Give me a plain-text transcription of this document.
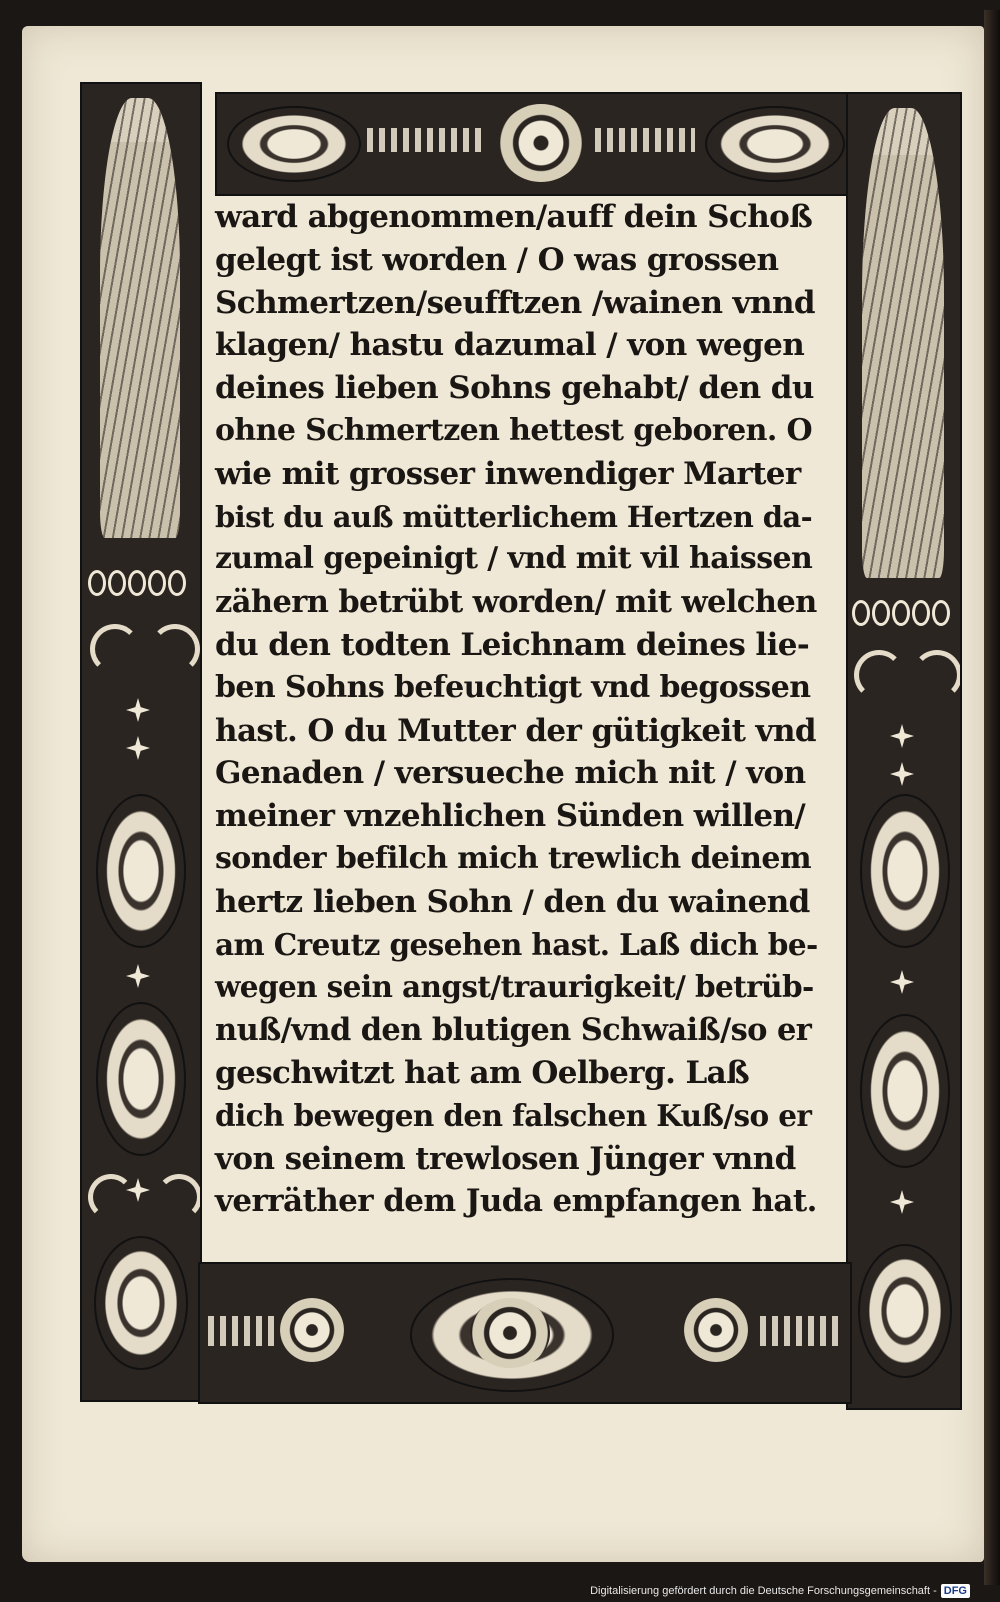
ward abgenommen/auff dein Schoß
gelegt ist worden / O was grossen
Schmertzen/seufftzen /wainen vnnd
klagen/ hastu dazumal / von wegen
deines lieben Sohns gehabt/ den du
ohne Schmertzen hettest geboren. O
wie mit grosser inwendiger Marter
bist du auß mütterlichem Hertzen da-
zumal gepeinigt / vnd mit vil haissen
zähern betrübt worden/ mit welchen
du den todten Leichnam deines lie-
ben Sohns befeuchtigt vnd begossen
hast. O du Mutter der gütigkeit vnd
Genaden / versueche mich nit / von
meiner vnzehlichen Sünden willen/
sonder befilch mich trewlich deinem
hertz lieben Sohn / den du wainend
am Creutz gesehen hast. Laß dich be-
wegen sein angst/traurigkeit/ betrüb-
nuß/vnd den blutigen Schwaiß/so er
geschwitzt hat am Oelberg. Laß
dich bewegen den falschen Kuß/so er
von seinem trewlosen Jünger vnnd
verräther dem Juda empfangen hat.
Digitalisierung gefördert durch die Deutsche Forschungsgemeinschaft - DFG
